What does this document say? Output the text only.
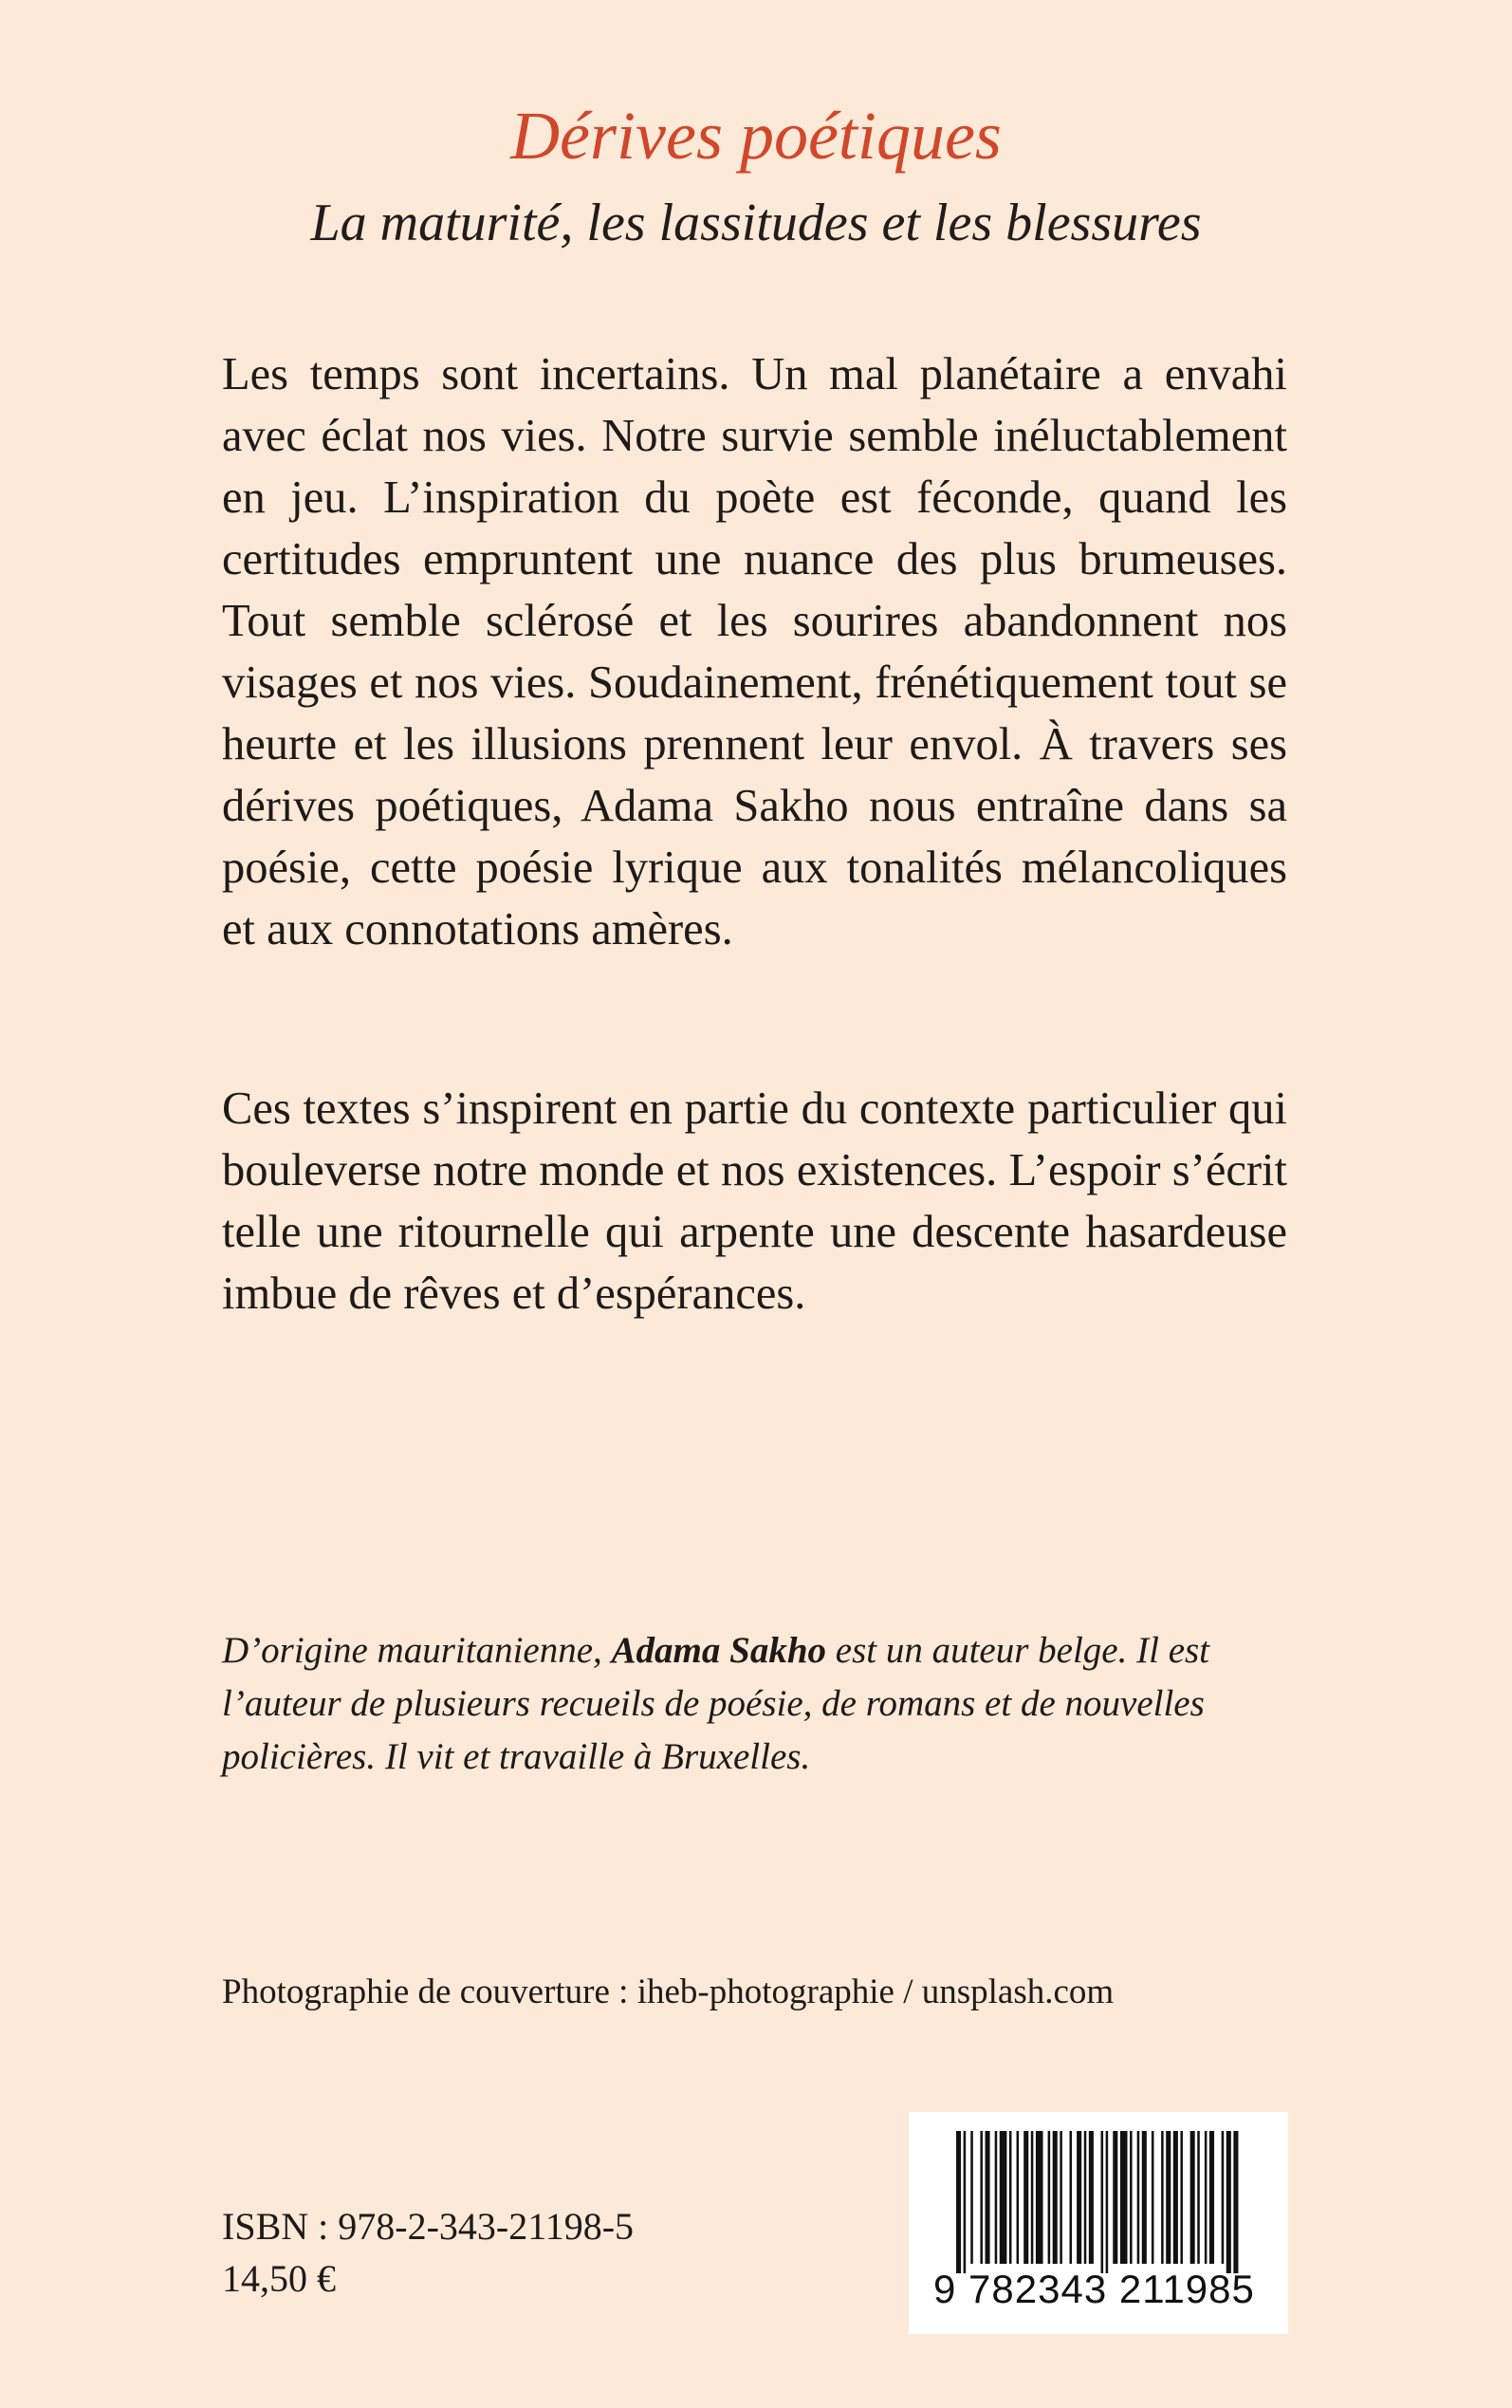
Dérives poétiques
La maturité, les lassitudes et les blessures

Les temps sont incertains. Un mal planétaire a envahi avec éclat nos vies. Notre survie semble inéluctablement en jeu. L’inspiration du poète est féconde, quand les certitudes empruntent une nuance des plus brumeuses. Tout semble sclérosé et les sourires abandonnent nos visages et nos vies. Soudainement, frénétiquement tout se heurte et les illusions prennent leur envol. À travers ses dérives poétiques, Adama Sakho nous entraîne dans sa poésie, cette poésie lyrique aux tonalités mélancoliques et aux connotations amères.

Ces textes s’inspirent en partie du contexte particulier qui bouleverse notre monde et nos existences. L’espoir s’écrit telle une ritournelle qui arpente une descente hasardeuse imbue de rêves et d’espérances.

D’origine mauritanienne, Adama Sakho est un auteur belge. Il est l’auteur de plusieurs recueils de poésie, de romans et de nouvelles policières. Il vit et travaille à Bruxelles.

Photographie de couverture : iheb-photographie / unsplash.com
ISBN : 978-2-343-21198-5
14,50 €	9 782343 211985
